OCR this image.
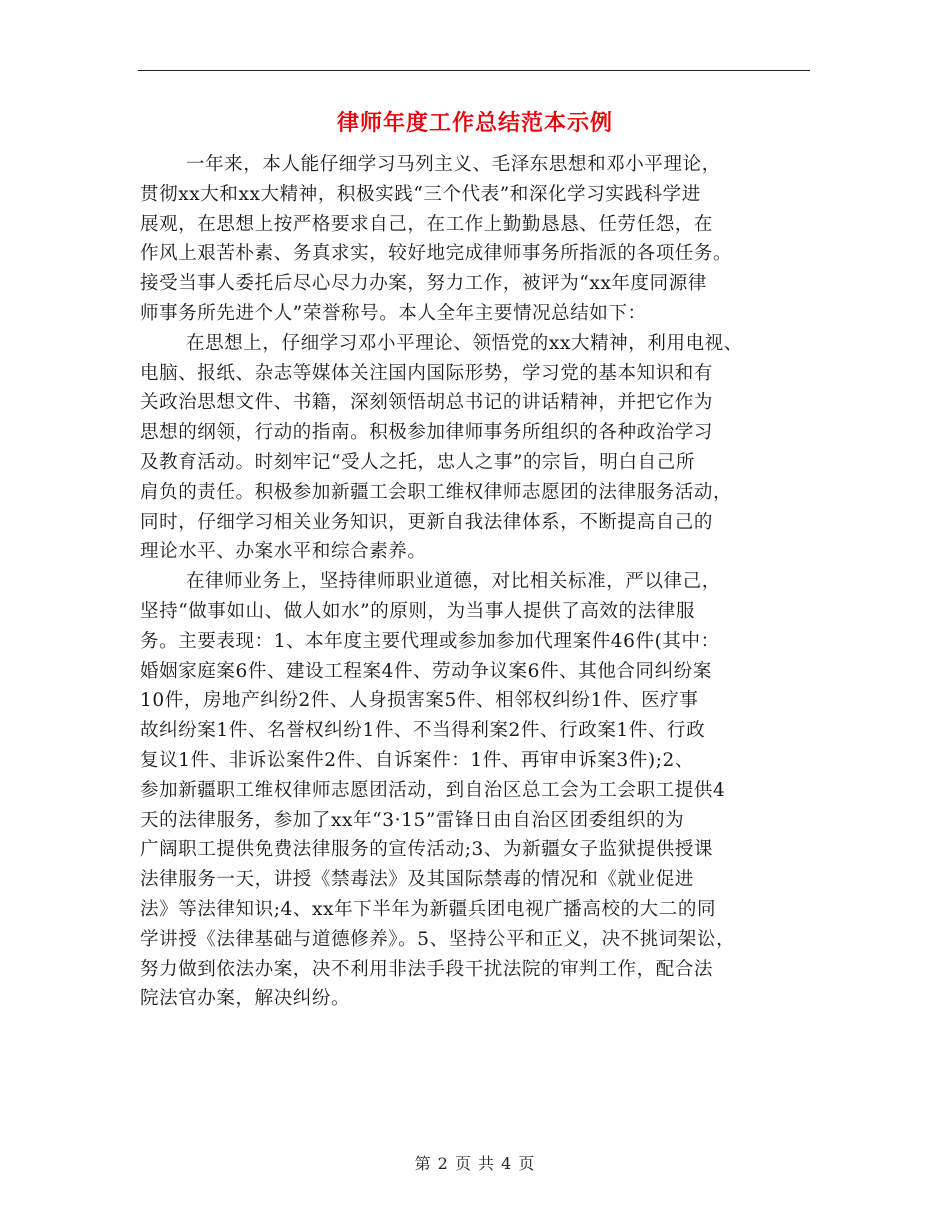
律师年度工作总结范本示例
一年来，本人能仔细学习马列主义、毛泽东思想和邓小平理论，
贯彻xx大和xx大精神，积极实践“三个代表”和深化学习实践科学进
展观，在思想上按严格要求自己，在工作上勤勤恳恳、任劳任怨，在
作风上艰苦朴素、务真求实，较好地完成律师事务所指派的各项任务。
接受当事人委托后尽心尽力办案，努力工作，被评为“xx年度同源律
师事务所先进个人”荣誉称号。本人全年主要情况总结如下：
在思想上，仔细学习邓小平理论、领悟党的xx大精神，利用电视、
电脑、报纸、杂志等媒体关注国内国际形势，学习党的基本知识和有
关政治思想文件、书籍，深刻领悟胡总书记的讲话精神，并把它作为
思想的纲领，行动的指南。积极参加律师事务所组织的各种政治学习
及教育活动。时刻牢记“受人之托，忠人之事”的宗旨，明白自己所
肩负的责任。积极参加新疆工会职工维权律师志愿团的法律服务活动，
同时，仔细学习相关业务知识，更新自我法律体系，不断提高自己的
理论水平、办案水平和综合素养。
在律师业务上，坚持律师职业道德，对比相关标准，严以律己，
坚持“做事如山、做人如水”的原则，为当事人提供了高效的法律服
务。主要表现：1、本年度主要代理或参加参加代理案件46件(其中：
婚姻家庭案6件、建设工程案4件、劳动争议案6件、其他合同纠纷案
10件，房地产纠纷2件、人身损害案5件、相邻权纠纷1件、医疗事
故纠纷案1件、名誉权纠纷1件、不当得利案2件、行政案1件、行政
复议1件、非诉讼案件2件、自诉案件：1件、再审申诉案3件);2、
参加新疆职工维权律师志愿团活动，到自治区总工会为工会职工提供4
天的法律服务，参加了xx年“3·15”雷锋日由自治区团委组织的为
广阔职工提供免费法律服务的宣传活动;3、为新疆女子监狱提供授课
法律服务一天，讲授《禁毒法》及其国际禁毒的情况和《就业促进
法》等法律知识;4、xx年下半年为新疆兵团电视广播高校的大二的同
学讲授《法律基础与道德修养》。5、坚持公平和正义，决不挑词架讼，
努力做到依法办案，决不利用非法手段干扰法院的审判工作，配合法
院法官办案，解决纠纷。
第 2 页 共 4 页
